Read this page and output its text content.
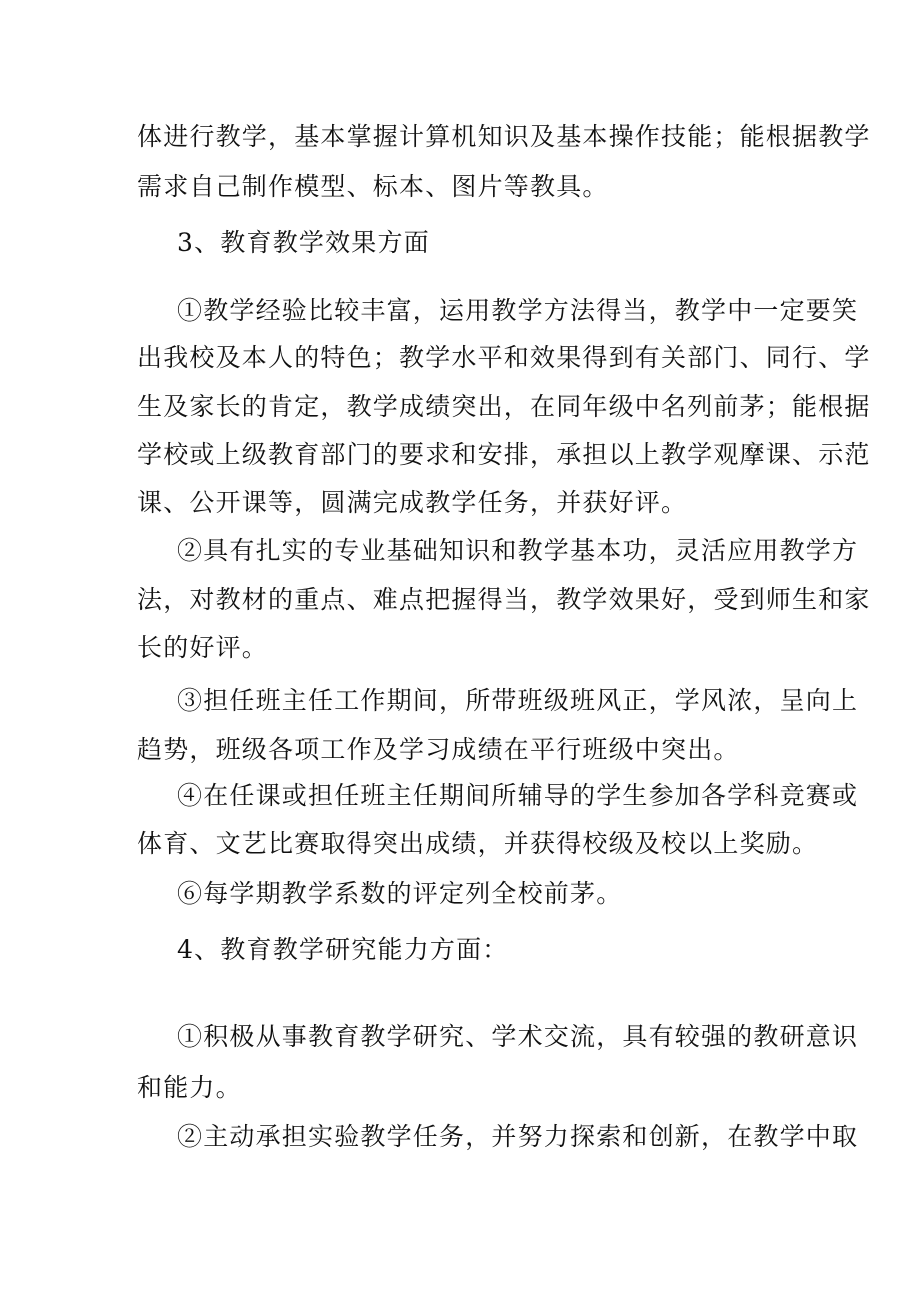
体进行教学，基本掌握计算机知识及基本操作技能；能根据教学
需求自己制作模型、标本、图片等教具。
3、教育教学效果方面
①教学经验比较丰富，运用教学方法得当，教学中一定要笑
出我校及本人的特色；教学水平和效果得到有关部门、同行、学
生及家长的肯定，教学成绩突出，在同年级中名列前茅；能根据
学校或上级教育部门的要求和安排，承担以上教学观摩课、示范
课、公开课等，圆满完成教学任务，并获好评。
②具有扎实的专业基础知识和教学基本功，灵活应用教学方
法，对教材的重点、难点把握得当，教学效果好，受到师生和家
长的好评。
③担任班主任工作期间，所带班级班风正，学风浓，呈向上
趋势，班级各项工作及学习成绩在平行班级中突出。
④在任课或担任班主任期间所辅导的学生参加各学科竞赛或
体育、文艺比赛取得突出成绩，并获得校级及校以上奖励。
⑥每学期教学系数的评定列全校前茅。
4、教育教学研究能力方面：
①积极从事教育教学研究、学术交流，具有较强的教研意识
和能力。
②主动承担实验教学任务，并努力探索和创新，在教学中取
